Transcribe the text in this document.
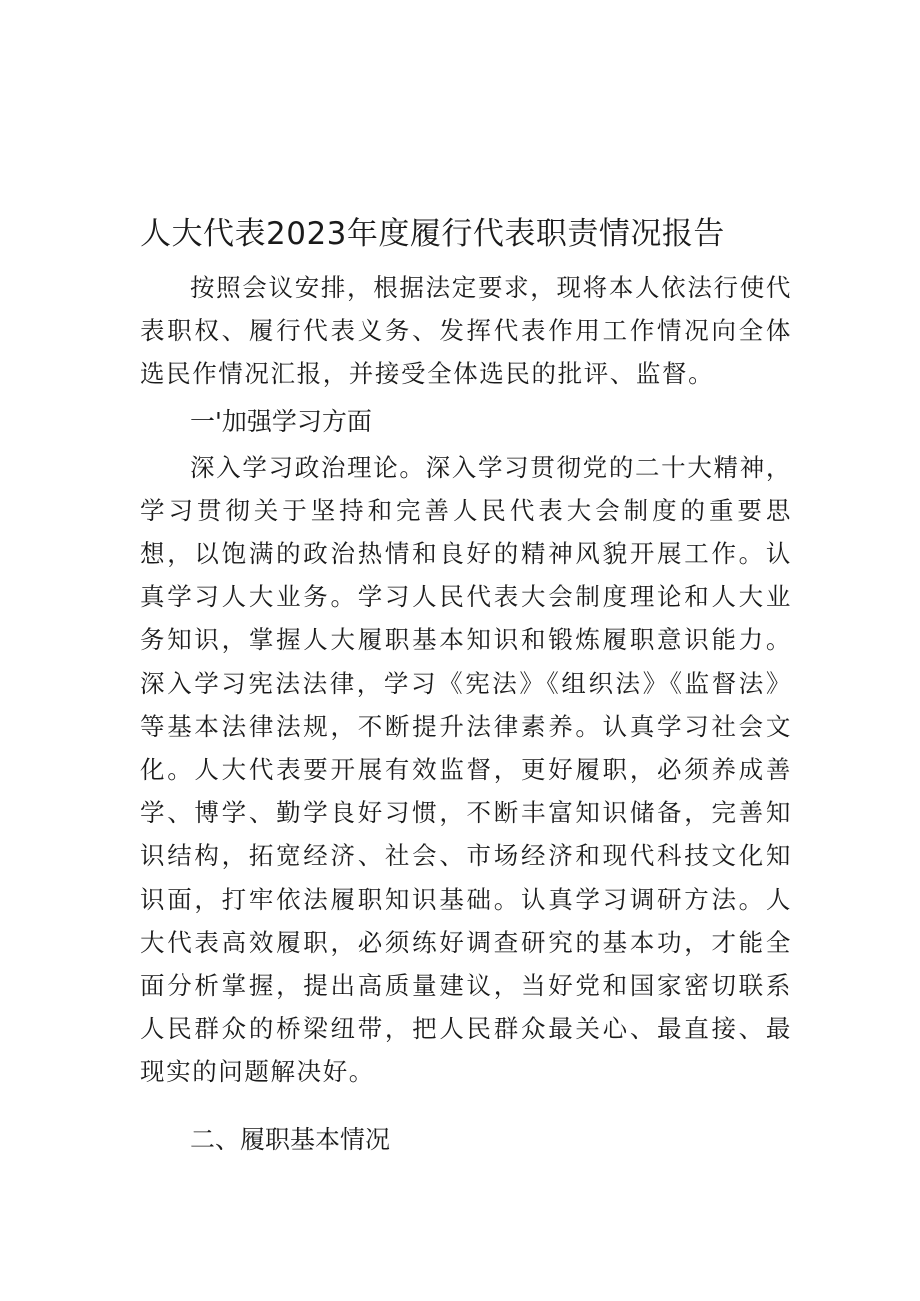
人大代表2023年度履行代表职责情况报告

按照会议安排，根据法定要求，现将本人依法行使代表职权、履行代表义务、发挥代表作用工作情况向全体选民作情况汇报，并接受全体选民的批评、监督。

一'加强学习方面

深入学习政治理论。深入学习贯彻党的二十大精神，学习贯彻关于坚持和完善人民代表大会制度的重要思想，以饱满的政治热情和良好的精神风貌开展工作。认真学习人大业务。学习人民代表大会制度理论和人大业务知识，掌握人大履职基本知识和锻炼履职意识能力。深入学习宪法法律，学习《宪法》《组织法》《监督法》等基本法律法规，不断提升法律素养。认真学习社会文化。人大代表要开展有效监督，更好履职，必须养成善学、博学、勤学良好习惯，不断丰富知识储备，完善知识结构，拓宽经济、社会、市场经济和现代科技文化知识面，打牢依法履职知识基础。认真学习调研方法。人大代表高效履职，必须练好调查研究的基本功，才能全面分析掌握，提出高质量建议，当好党和国家密切联系人民群众的桥梁纽带，把人民群众最关心、最直接、最现实的问题解决好。

二、履职基本情况
